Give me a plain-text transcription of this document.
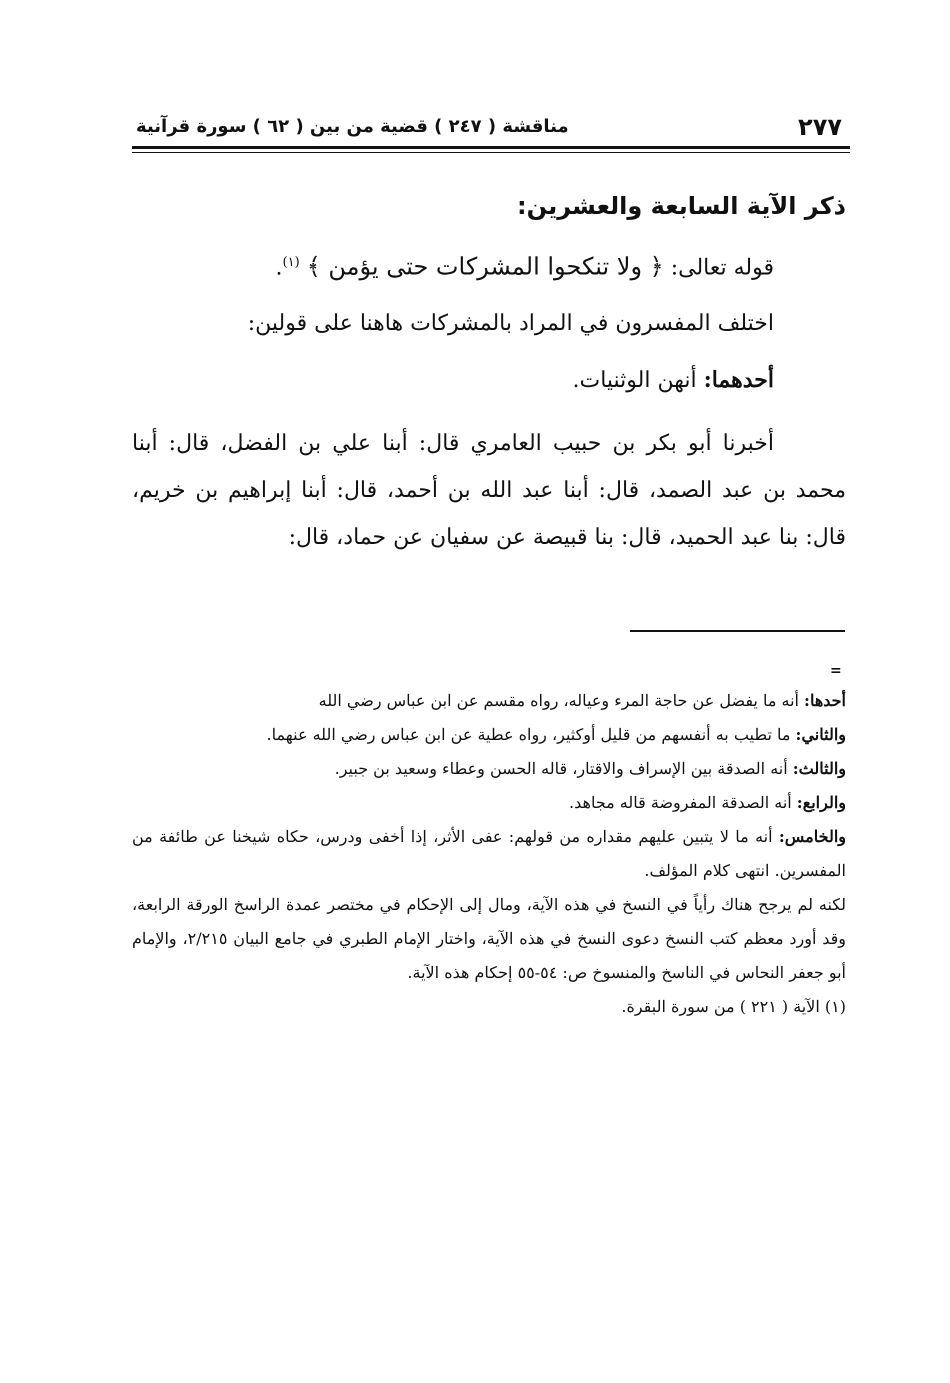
٢٧٧
مناقشة ( ٢٤٧ ) قضية من بين ( ٦٢ ) سورة قرآنية
ذكر الآية السابعة والعشرين:
قوله تعالى: ﴿ ولا تنكحوا المشركات حتى يؤمن ﴾ $^{(١)}$.
اختلف المفسرون في المراد بالمشركات هاهنا على قولين:
أحدهما: أنهن الوثنيات.

أخبرنا أبو بكر بن حبيب العامري قال: أبنا علي بن الفضل، قال: أبنا محمد بن عبد الصمد، قال: أبنا عبد الله بن أحمد، قال: أبنا إبراهيم بن خريم، قال: بنا عبد الحميد، قال: بنا قبيصة عن سفيان عن حماد، قال:

=

أحدها: أنه ما يفضل عن حاجة المرء وعياله، رواه مقسم عن ابن عباس رضي الله

والثاني: ما تطيب به أنفسهم من قليل أوكثير، رواه عطية عن ابن عباس رضي الله عنهما.

والثالث: أنه الصدقة بين الإسراف والاقتار، قاله الحسن وعطاء وسعيد بن جبير.

والرابع: أنه الصدقة المفروضة قاله مجاهد.

والخامس: أنه ما لا يتبين عليهم مقداره من قولهم: عفى الأثر، إذا أخفى ودرس، حكاه شيخنا عن طائفة من المفسرين. انتهى كلام المؤلف.

لكنه لم يرجح هناك رأياً في النسخ في هذه الآية، ومال إلى الإحكام في مختصر عمدة الراسخ الورقة الرابعة، وقد أورد معظم كتب النسخ دعوى النسخ في هذه الآية، واختار الإمام الطبري في جامع البيان ٢/٢١٥، والإمام أبو جعفر النحاس في الناسخ والمنسوخ ص: ٥٤-٥٥ إحكام هذه الآية.

(١) الآية ( ٢٢١ ) من سورة البقرة.
